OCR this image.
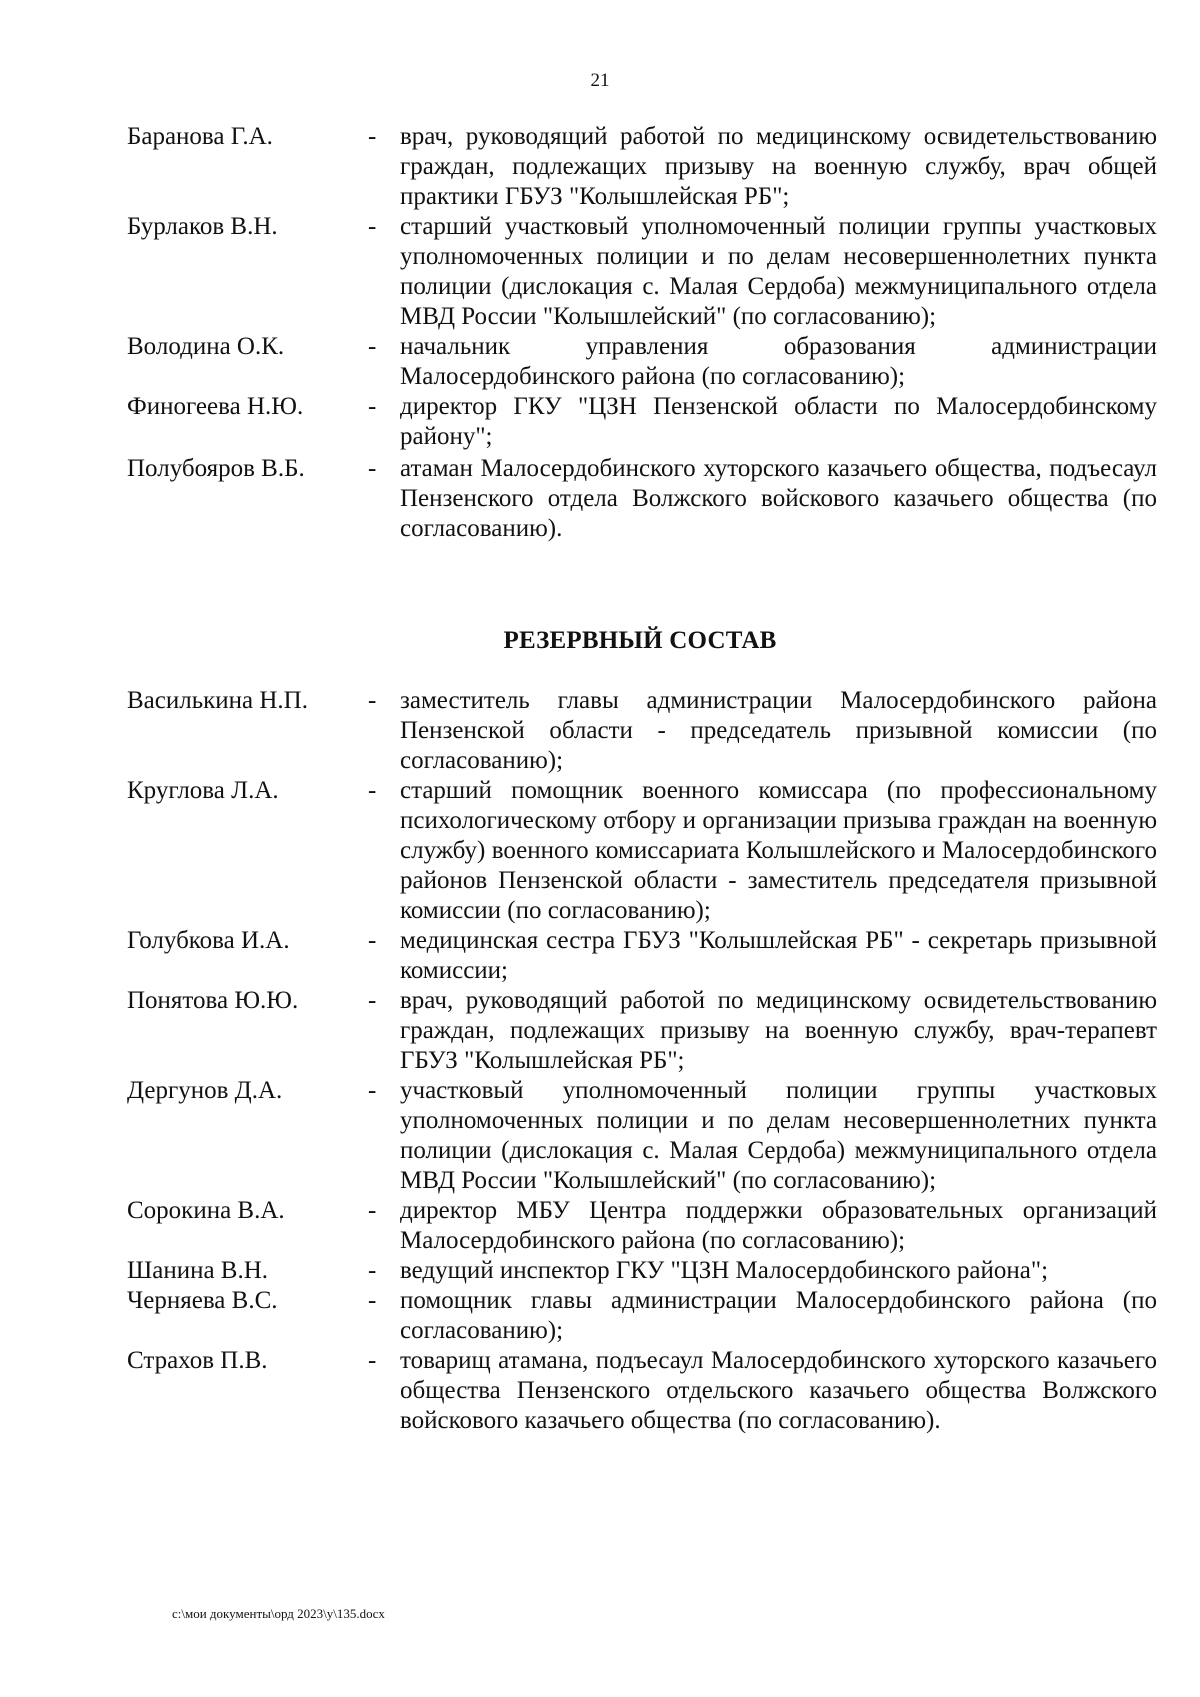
21
Баранова Г.А.	- врач, руководящий работой по медицинскому освидетельствованию граждан, подлежащих призыву на военную службу, врач общей практики ГБУЗ "Колышлейская РБ";
Бурлаков В.Н.	- старший участковый уполномоченный полиции группы участковых уполномоченных полиции и по делам несовершеннолетних пункта полиции (дислокация с. Малая Сердоба) межмуниципального отдела МВД России "Колышлейский" (по согласованию);
Володина О.К.	- начальник управления образования администрации Малосердобинского района (по согласованию);
Финогеева Н.Ю.	- директор ГКУ "ЦЗН Пензенской области по Малосердобинскому району";
Полубояров В.Б.	- атаман Малосердобинского хуторского казачьего общества, подъесаул Пензенского отдела Волжского войскового казачьего общества (по согласованию).
РЕЗЕРВНЫЙ СОСТАВ
Василькина Н.П.	- заместитель главы администрации Малосердобинского района Пензенской области - председатель призывной комиссии (по согласованию);
Круглова Л.А.	- старший помощник военного комиссара (по профессиональному психологическому отбору и организации призыва граждан на военную службу) военного комиссариата Колышлейского и Малосердобинского районов Пензенской области - заместитель председателя призывной комиссии (по согласованию);
Голубкова И.А.	- медицинская сестра ГБУЗ "Колышлейская РБ" - секретарь призывной комиссии;
Понятова Ю.Ю.	- врач, руководящий работой по медицинскому освидетельствованию граждан, подлежащих призыву на военную службу, врач-терапевт ГБУЗ "Колышлейская РБ";
Дергунов Д.А.	- участковый уполномоченный полиции группы участковых уполномоченных полиции и по делам несовершеннолетних пункта полиции (дислокация с. Малая Сердоба) межмуниципального отдела МВД России "Колышлейский" (по согласованию);
Сорокина В.А.	- директор МБУ Центра поддержки образовательных организаций Малосердобинского района (по согласованию);
Шанина В.Н.	- ведущий инспектор ГКУ "ЦЗН Малосердобинского района";
Черняева В.С.	- помощник главы администрации Малосердобинского района (по согласованию);
Страхов П.В.	- товарищ атамана, подъесаул Малосердобинского хуторского казачьего общества Пензенского отдельского казачьего общества Волжского войскового казачьего общества (по согласованию).
c:\мои документы\орд 2023\у\135.docx
